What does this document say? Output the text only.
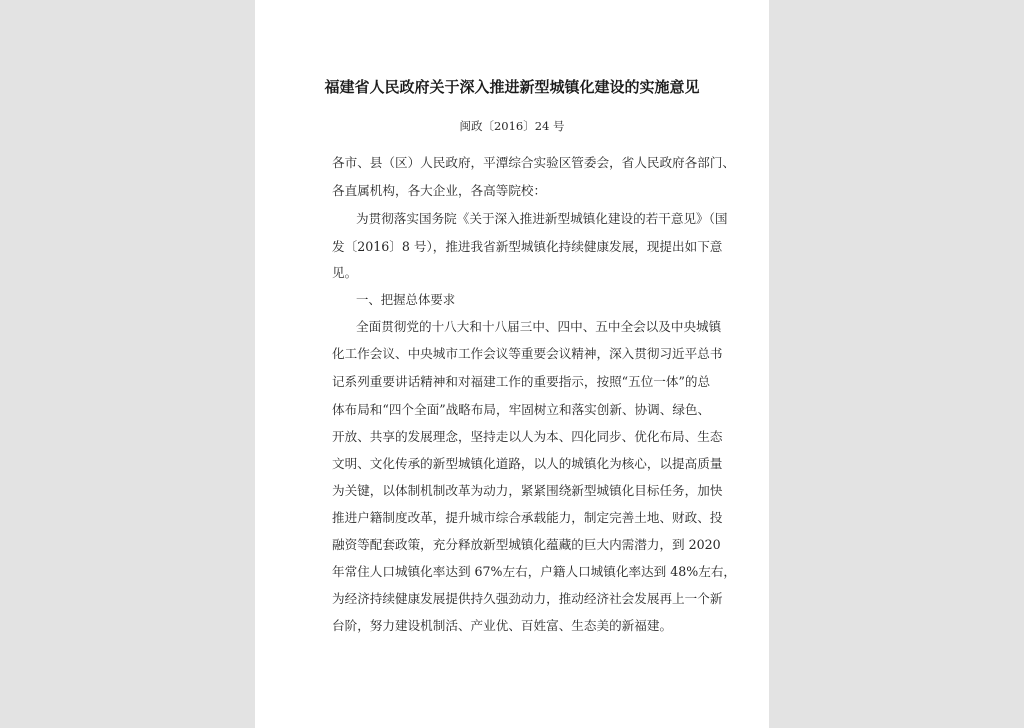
福建省人民政府关于深入推进新型城镇化建设的实施意见
闽政〔2016〕24 号
各市、县（区）人民政府，平潭综合实验区管委会，省人民政府各部门、
各直属机构，各大企业，各高等院校：
为贯彻落实国务院《关于深入推进新型城镇化建设的若干意见》（国
发〔2016〕8 号），推进我省新型城镇化持续健康发展，现提出如下意
见。
一、把握总体要求
全面贯彻党的十八大和十八届三中、四中、五中全会以及中央城镇
化工作会议、中央城市工作会议等重要会议精神，深入贯彻习近平总书
记系列重要讲话精神和对福建工作的重要指示，按照“五位一体”的总
体布局和“四个全面”战略布局，牢固树立和落实创新、协调、绿色、
开放、共享的发展理念，坚持走以人为本、四化同步、优化布局、生态
文明、文化传承的新型城镇化道路，以人的城镇化为核心，以提高质量
为关键，以体制机制改革为动力，紧紧围绕新型城镇化目标任务，加快
推进户籍制度改革，提升城市综合承载能力，制定完善土地、财政、投
融资等配套政策，充分释放新型城镇化蕴藏的巨大内需潜力，到 2020
年常住人口城镇化率达到 67%左右，户籍人口城镇化率达到 48%左右，
为经济持续健康发展提供持久强劲动力，推动经济社会发展再上一个新
台阶，努力建设机制活、产业优、百姓富、生态美的新福建。
